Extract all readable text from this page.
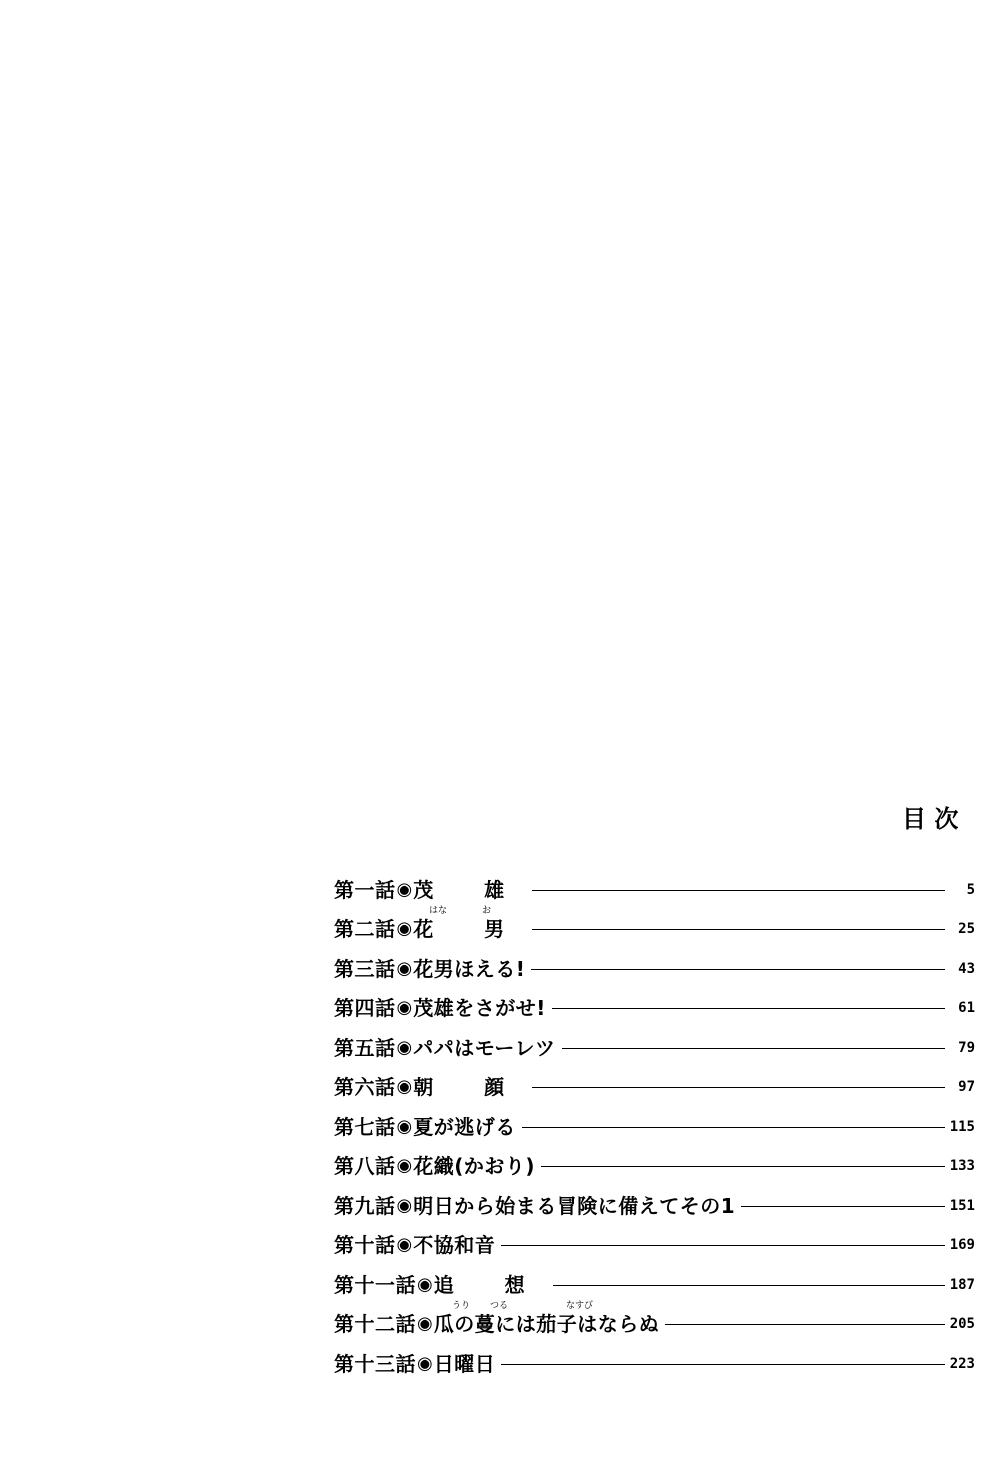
目 次
第一話 ◉ 茂 雄	5
はな	お
第二話 ◉ 花 男	25
第三話 ◉ 花男ほえる!	43
第四話 ◉ 茂雄をさがせ!	61
第五話 ◉ パパはモーレツ	79
第六話 ◉ 朝 顔	97
第七話 ◉ 夏が逃げる	115
第八話 ◉ 花織(かおり)	133
第九話 ◉ 明日から始まる冒険に備えてその1	151
第十話 ◉ 不協和音	169
第十一話 ◉ 追 想	187
うり つる	なすび
第十二話 ◉ 瓜の蔓には茄子はならぬ	205
第十三話 ◉ 日曜日	223
